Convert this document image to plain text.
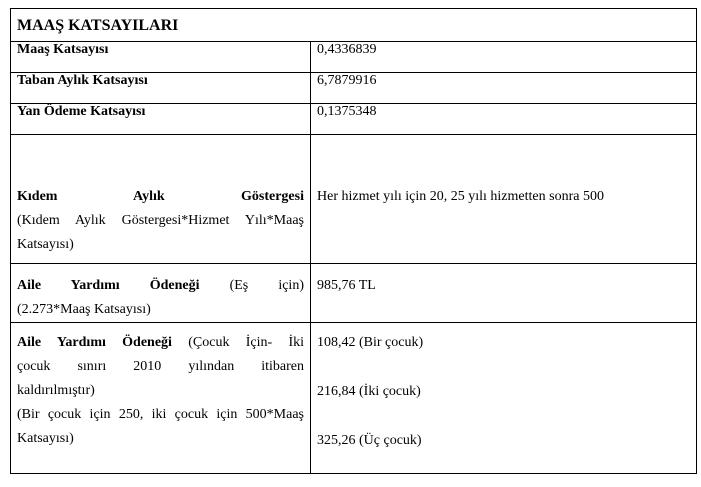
MAAŞ KATSAYILARI	
Maaş Katsayısı	0,4336839
Taban Aylık Katsayısı	6,7879916
Yan Ödeme Katsayısı	0,1375348

Kıdem Aylık Göstergesi
(Kıdem Aylık Göstergesi*Hizmet Yılı*Maaş
Katsayısı)	Her hizmet yılı için 20, 25 yılı hizmetten sonra 500

Aile Yardımı Ödeneği (Eş için)
(2.273*Maaş Katsayısı)	985,76 TL

Aile Yardımı Ödeneği (Çocuk İçin- İki
çocuk sınırı 2010 yılından itibaren
kaldırılmıştır)
(Bir çocuk için 250, iki çocuk için 500*Maaş
Katsayısı)	108,42 (Bir çocuk)
216,84 (İki çocuk)
325,26 (Üç çocuk)
